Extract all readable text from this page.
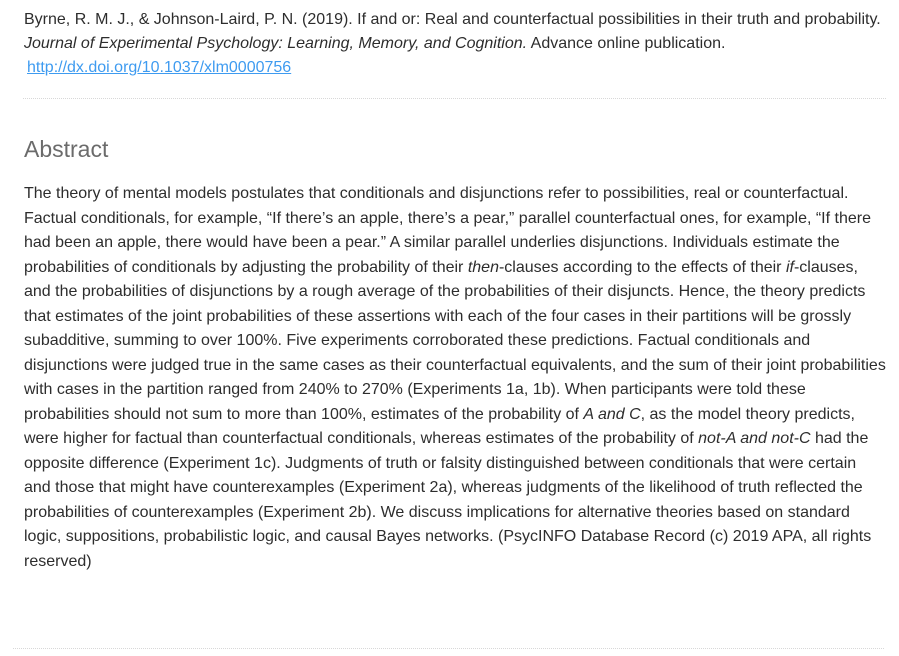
Byrne, R. M. J., & Johnson-Laird, P. N. (2019). If and or: Real and counterfactual possibilities in their truth and probability. Journal of Experimental Psychology: Learning, Memory, and Cognition. Advance online publication.

http://dx.doi.org/10.1037/xlm0000756
Abstract

The theory of mental models postulates that conditionals and disjunctions refer to possibilities, real or counterfactual. Factual conditionals, for example, “If there’s an apple, there’s a pear,” parallel counterfactual ones, for example, “If there had been an apple, there would have been a pear.” A similar parallel underlies disjunctions. Individuals estimate the probabilities of conditionals by adjusting the probability of their then-clauses according to the effects of their if-clauses, and the probabilities of disjunctions by a rough average of the probabilities of their disjuncts. Hence, the theory predicts that estimates of the joint probabilities of these assertions with each of the four cases in their partitions will be grossly subadditive, summing to over 100%. Five experiments corroborated these predictions. Factual conditionals and disjunctions were judged true in the same cases as their counterfactual equivalents, and the sum of their joint probabilities with cases in the partition ranged from 240% to 270% (Experiments 1a, 1b). When participants were told these probabilities should not sum to more than 100%, estimates of the probability of A and C, as the model theory predicts, were higher for factual than counterfactual conditionals, whereas estimates of the probability of not-A and not-C had the opposite difference (Experiment 1c). Judgments of truth or falsity distinguished between conditionals that were certain and those that might have counterexamples (Experiment 2a), whereas judgments of the likelihood of truth reflected the probabilities of counterexamples (Experiment 2b). We discuss implications for alternative theories based on standard logic, suppositions, probabilistic logic, and causal Bayes networks. (PsycINFO Database Record (c) 2019 APA, all rights reserved)
